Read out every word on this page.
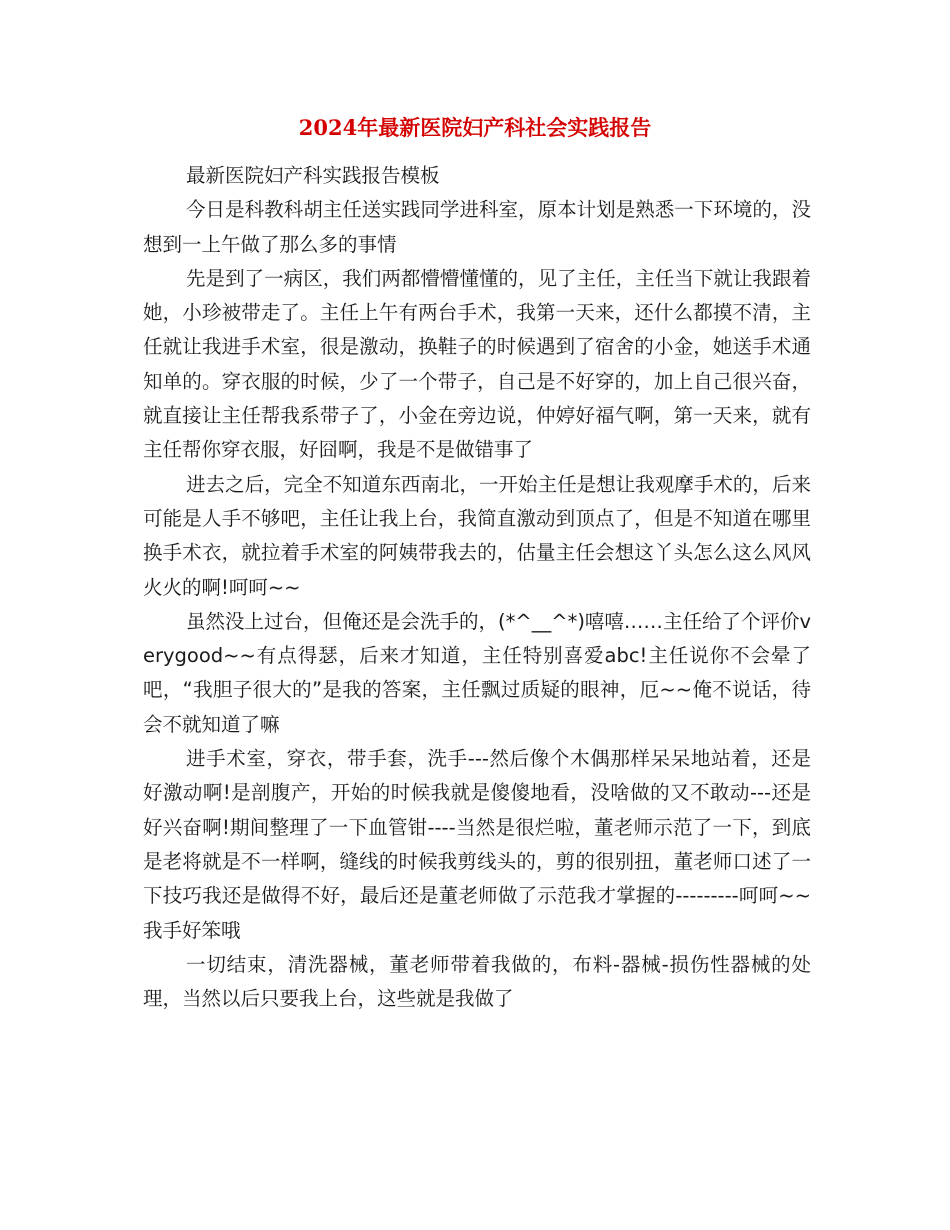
2024年最新医院妇产科社会实践报告

最新医院妇产科实践报告模板

今日是科教科胡主任送实践同学进科室，原本计划是熟悉一下环境的，没想到一上午做了那么多的事情

先是到了一病区，我们两都懵懵懂懂的，见了主任，主任当下就让我跟着她，小珍被带走了。主任上午有两台手术，我第一天来，还什么都摸不清，主任就让我进手术室，很是激动，换鞋子的时候遇到了宿舍的小金，她送手术通知单的。穿衣服的时候，少了一个带子，自己是不好穿的，加上自己很兴奋，就直接让主任帮我系带子了，小金在旁边说，仲婷好福气啊，第一天来，就有主任帮你穿衣服，好囧啊，我是不是做错事了

进去之后，完全不知道东西南北，一开始主任是想让我观摩手术的，后来可能是人手不够吧，主任让我上台，我简直激动到顶点了，但是不知道在哪里换手术衣，就拉着手术室的阿姨带我去的，估量主任会想这丫头怎么这么风风火火的啊!呵呵~~

虽然没上过台，但俺还是会洗手的，(*^__^*)嘻嘻……主任给了个评价verygood~~有点得瑟，后来才知道，主任特别喜爱abc!主任说你不会晕了吧，“我胆子很大的”是我的答案，主任飘过质疑的眼神，厄~~俺不说话，待会不就知道了嘛

进手术室，穿衣，带手套，洗手---然后像个木偶那样呆呆地站着，还是好激动啊!是剖腹产，开始的时候我就是傻傻地看，没啥做的又不敢动---还是好兴奋啊!期间整理了一下血管钳----当然是很烂啦，董老师示范了一下，到底是老将就是不一样啊，缝线的时候我剪线头的，剪的很别扭，董老师口述了一下技巧我还是做得不好，最后还是董老师做了示范我才掌握的---------呵呵~~我手好笨哦

一切结束，清洗器械，董老师带着我做的，布料-器械-损伤性器械的处理，当然以后只要我上台，这些就是我做了
